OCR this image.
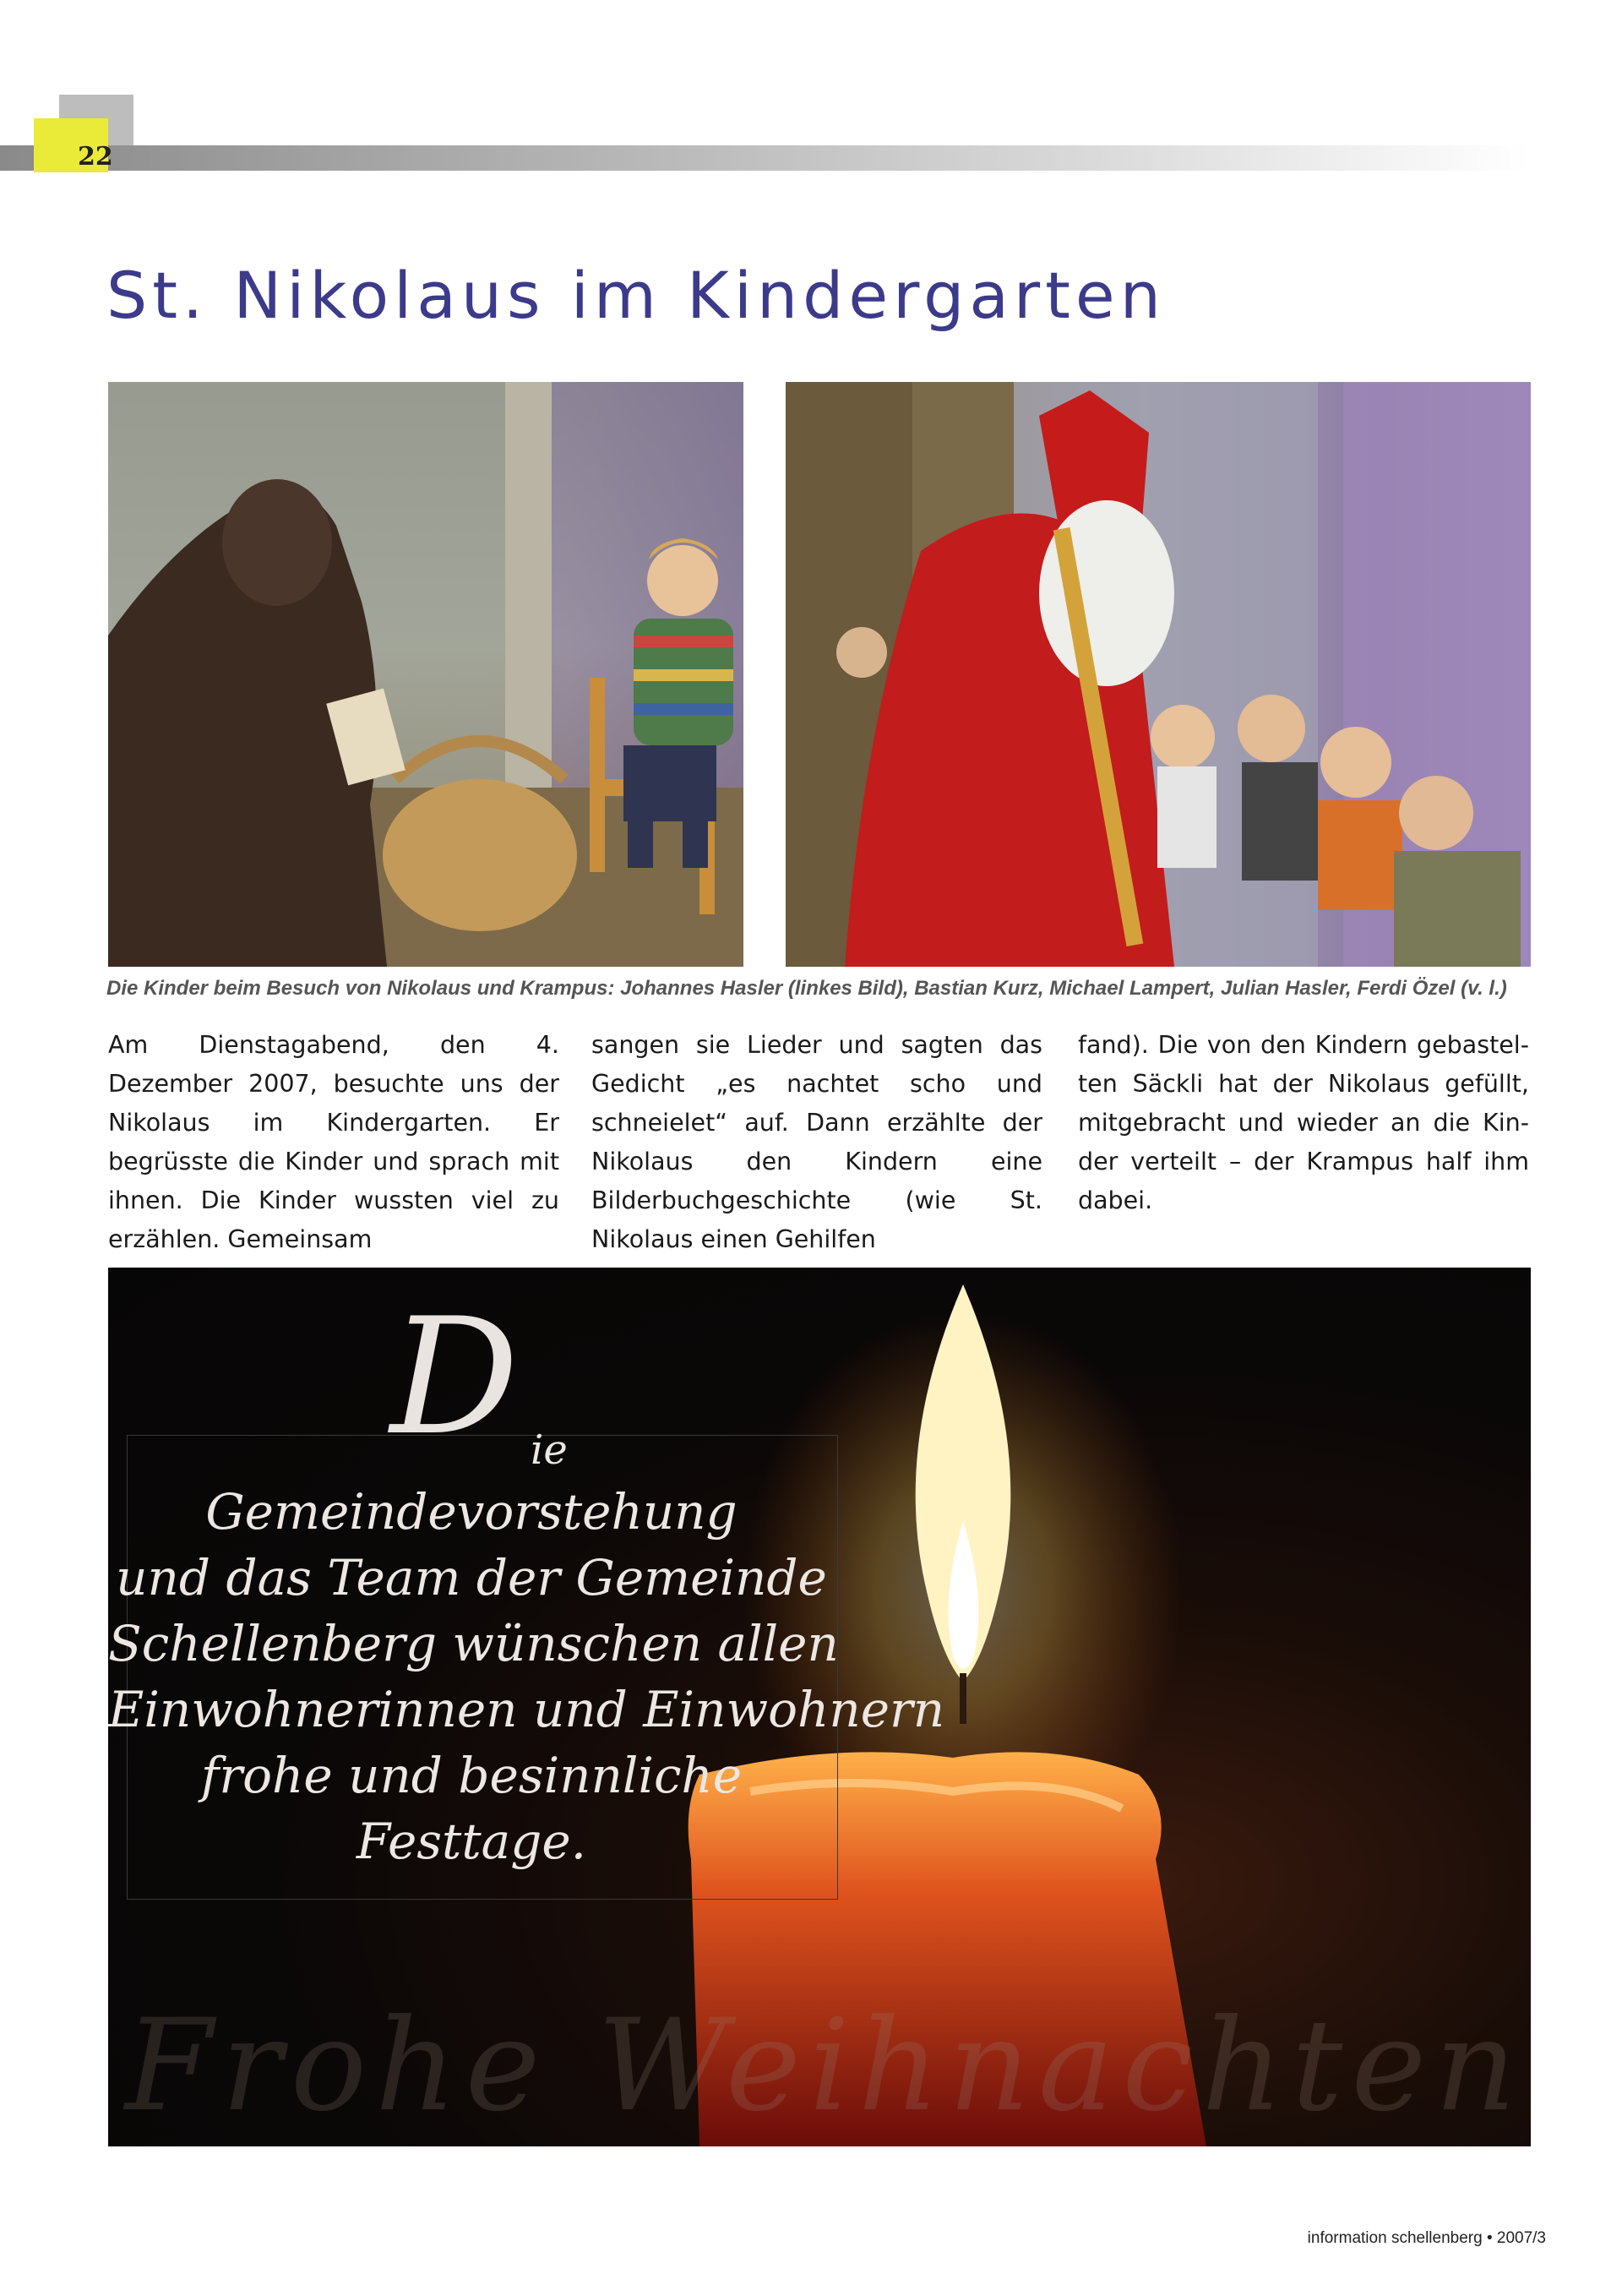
22
St. Nikolaus im Kindergarten
Die Kinder beim Besuch von Nikolaus und Krampus: Johannes Hasler (linkes Bild), Bastian Kurz, Michael Lampert, Julian Hasler, Ferdi Özel (v. l.)

Am Dienstagabend, den 4. Dezember 2007, besuchte uns der Nikolaus im Kindergarten. Er begrüsste die Kinder und sprach mit ihnen. Die Kinder wussten viel zu erzählen. Gemeinsam

sangen sie Lieder und sagten das Gedicht „es nachtet scho und schneielet“ auf. Dann erzählte der Nikolaus den Kindern eine Bilderbuchgeschichte (wie St. Nikolaus einen Gehilfen

fand). Die von den Kindern gebastelten Säckli hat der Nikolaus gefüllt, mitgebracht und wieder an die Kinder verteilt – der Krampus half ihm dabei.

D ie
Gemeindevorstehung
und das Team der Gemeinde
Schellenberg wünschen allen
Einwohnerinnen und Einwohnern
frohe und besinnliche
Festtage.
Frohe Weihnachten
information schellenberg • 2007/3
